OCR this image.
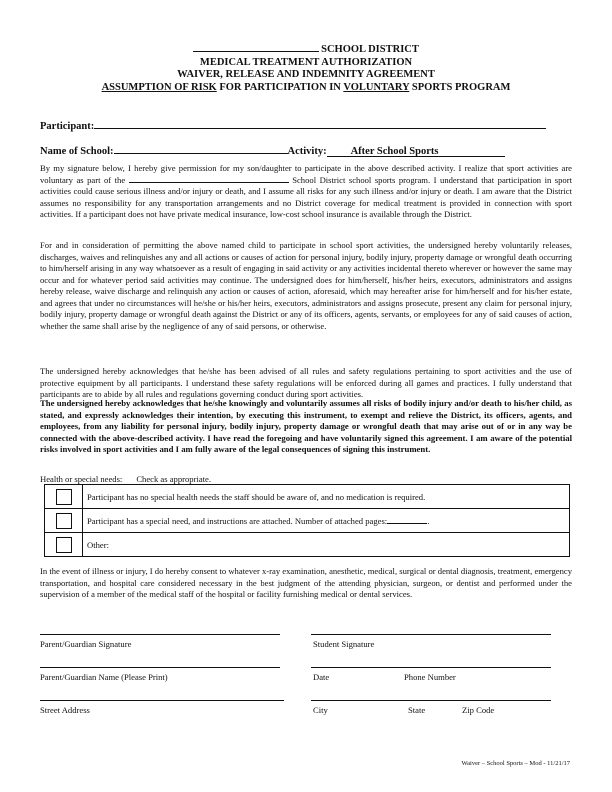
SCHOOL DISTRICT
MEDICAL TREATMENT AUTHORIZATION
WAIVER, RELEASE AND INDEMNITY AGREEMENT
ASSUMPTION OF RISK FOR PARTICIPATION IN VOLUNTARY SPORTS PROGRAM
Participant:
Name of School:	Activity: After School Sports
By my signature below, I hereby give permission for my son/daughter to participate in the above described activity. I realize that sport activities are voluntary as part of the	School District school sports program. I understand that participation in sport activities could cause serious illness and/or injury or death, and I assume all risks for any such illness and/or injury or death. I am aware that the District assumes no responsibility for any transportation arrangements and no District coverage for medical treatment is provided in connection with sport activities. If a participant does not have private medical insurance, low-cost school insurance is available through the District.
For and in consideration of permitting the above named child to participate in school sport activities, the undersigned hereby voluntarily releases, discharges, waives and relinquishes any and all actions or causes of action for personal injury, bodily injury, property damage or wrongful death occurring to him/herself arising in any way whatsoever as a result of engaging in said activity or any activities incidental thereto wherever or however the same may occur and for whatever period said activities may continue. The undersigned does for him/herself, his/her heirs, executors, administrators and assigns hereby release, waive discharge and relinquish any action or causes of action, aforesaid, which may hereafter arise for him/herself and for his/her estate, and agrees that under no circumstances will he/she or his/her heirs, executors, administrators and assigns prosecute, present any claim for personal injury, bodily injury, property damage or wrongful death against the District or any of its officers, agents, servants, or employees for any of said causes of action, whether the same shall arise by the negligence of any of said persons, or otherwise.
The undersigned hereby acknowledges that he/she has been advised of all rules and safety regulations pertaining to sport activities and the use of protective equipment by all participants. I understand these safety regulations will be enforced during all games and practices. I fully understand that participants are to abide by all rules and regulations governing conduct during sport activities.
The undersigned hereby acknowledges that he/she knowingly and voluntarily assumes all risks of bodily injury and/or death to his/her child, as stated, and expressly acknowledges their intention, by executing this instrument, to exempt and relieve the District, its officers, agents, and employees, from any liability for personal injury, bodily injury, property damage or wrongful death that may arise out of or in any way be connected with the above-described activity. I have read the foregoing and have voluntarily signed this agreement. I am aware of the potential risks involved in sport activities and I am fully aware of the legal consequences of signing this instrument.
Health or special needs: Check as appropriate.
	Participant has no special health needs the staff should be aware of, and no medication is required.
	Participant has a special need, and instructions are attached. Number of attached pages: .
	Other:
In the event of illness or injury, I do hereby consent to whatever x-ray examination, anesthetic, medical, surgical or dental diagnosis, treatment, emergency transportation, and hospital care considered necessary in the best judgment of the attending physician, surgeon, or dentist and performed under the supervision of a member of the medical staff of the hospital or facility furnishing medical or dental services.
Parent/Guardian Signature	Student Signature
Parent/Guardian Name (Please Print)	Date	Phone Number
Street Address	City	State	Zip Code
Waiver – School Sports – Mod - 11/21/17
